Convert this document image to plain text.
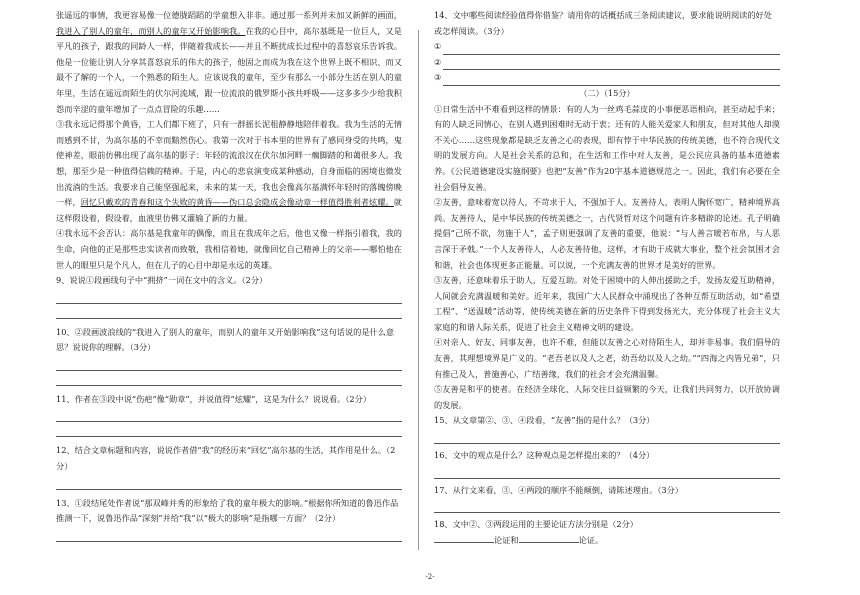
张遥远的事情，我更容易像一位德胧蹈蹈的学童想入非非。通过那一系列并未加又新鲜的画面，我进入了别人的童年，而别人的童年又开始影响我。在我的心目中，高尔基既是一位巨人，又是平凡的孩子，跟我的同龄人一样，伴随着我成长——并且不断扰成长过程中的喜怒哀乐告诉我。他是一位能让别人分享其喜怒哀乐的伟大的孩子，他固之而成为我在这个世界上既不相识、而又最不了解的一个人，一个熟悉的陌生人。应该说我的童年，至少有那么一小部分生活在别人的童年里，生活在遥远而陌生的伏尔河流域，跟一位流浪的俄罗斯小孩共呼吸——这多多少少给我积怨而辛涩的童年增加了一点点冒险的乐趣……

③我永远记得那个黄昏，工人们都下班了，只有一群摇长泥租静静地陪伴着我。我为生活的无情而感到不甘，为高尔基的不幸而黯然伤心。我第一次对于书本里的世界有了感同身受的共鸣，鬼使神差，眼前仿佛出现了高尔基的影子：年轻的流浪汉在伏尔加河畔一瘸脚踏的和蔼很多人。我想，那至少是一种值得信赖的精神。于是，内心的悲哀演变成某种感动，自身面临的困境也微发出流淌的生活。我要求自己能坚强起来，未来的某一天，我也会像高尔基满怀年轻时的落魄傍晚一样，回忆只戴欢的青春和这个失败的黄昏——伪口总会隐成会像动章一样值得胜利者炫耀。就这样假设着，假设着，血液里仿佛又灌输了新的力量。

④我永远不会否认：高尔基是我童年的偶像，而且在我成年之后，他也又像一样指引着我，我的生命，向他的正是那些忠实读者而致敬，我相信着她，就像回忆自己精神上的父亲——哪怕他在世人的眼里只是个凡人，但在儿子的心目中却是永远的英雄。

9、说说①段画线句子中“拥挤”一词在文中的含义。（2分）

10、②段画波浪线的“我进入了别人的童年，而别人的童年又开始影响我”这句话说的是什么意思？说说你的理解。（3分）

11、作者在③段中说“伤疤”像“勋章”，并说值得“炫耀”，这是为什么？说说看。（2分）

12、结合文章标题和内容，说说作者借“我”的经历来“回忆”高尔基的生活，其作用是什么。（2分）

13、①段结尾处作者说“那双峰并秀的形象给了我的童年极大的影响。”根据你所知道的鲁迅作品推测一下，说鲁迅作品“深刻”并给“我”以“极大的影响”是指哪一方面？（2分）

14、文中哪些阅读经验值得你借鉴？请用你的话概括成三条阅读建议，要求能说明阅读的好处或怎样阅读。（3分）

①
②
③

（二）（15分）

①日常生活中不难看到这样的情景：有的人为一丝鸡毛蒜皮的小事便恶语相向，甚至动起手来；有的人缺乏同情心，在别人遇到困难时无动于衷；还有的人能关爱家人和朋友，但对其他人却漠不关心……这些现象都是缺乏友善之心的表现，即有悖于中华民族的传统美德，也不符合现代文明的发展方向。人是社会关系的总和，在生活和工作中对人友善，是公民应具备的基本道德素养。《公民道德建设实施纲要》也把“友善”作为20字基本道德规范之一。因此，我们有必要在全社会倡导友善。

②友善，意味着宽以待人，不苛求于人，不强加于人。友善待人，表明人胸怀宽广，精神境界高尚。友善待人，是中华民族的传统美德之一，古代贤哲对这个问题有许多精辟的论述。孔子明确提倡“己所不欲，勿施于人”，孟子则更强调了友善的重要，他说：“与人善言暖若布帛，与人恶言深于矛戟。”一个人友善待人，人必友善待他，这样，才有助于成就大事业，整个社会氛围才会和谐，社会也体现更多正能量。可以说，一个充满友善的世界才是美好的世界。

③友善，还意味着乐于助人，互爱互助。对处于困境中的人伸出援助之手，发扬友爱互助精神，人间就会充满温暖和美好。近年来，我国广大人民群众中涌现出了各种互帮互助活动，如“希望工程”、“送温暖”活动等，使传统美德在新的历史条件下得到发扬光大，充分体现了社会主义大家庭的和谐人际关系，促进了社会主义精神文明的建设。

④对亲人、好友、同事友善，也许不难，但能以友善之心对待陌生人，却并非易事。我们倡导的友善，其理想境界是广义的。“老吾老以及人之老，幼吾幼以及人之幼。”“四海之内皆兄弟”，只有推己及人，普施善心，广结善缘，我们的社会才会充满温馨。

⑤友善是和平的使者。在经济全球化、人际交往日益频繁的今天，让我们共同努力，以开放协调的发展。

15、从文章第②、③、④段看，“友善”指的是什么？（3分）

16、文中的观点是什么？这种观点是怎样提出来的？（4分）

17、从行文来看，③、④两段的顺序不能颠倒，请陈述理由。（3分）

18、文中②、③两段运用的主要论证方法分别是（2分）

论证和	论证。

-2-
